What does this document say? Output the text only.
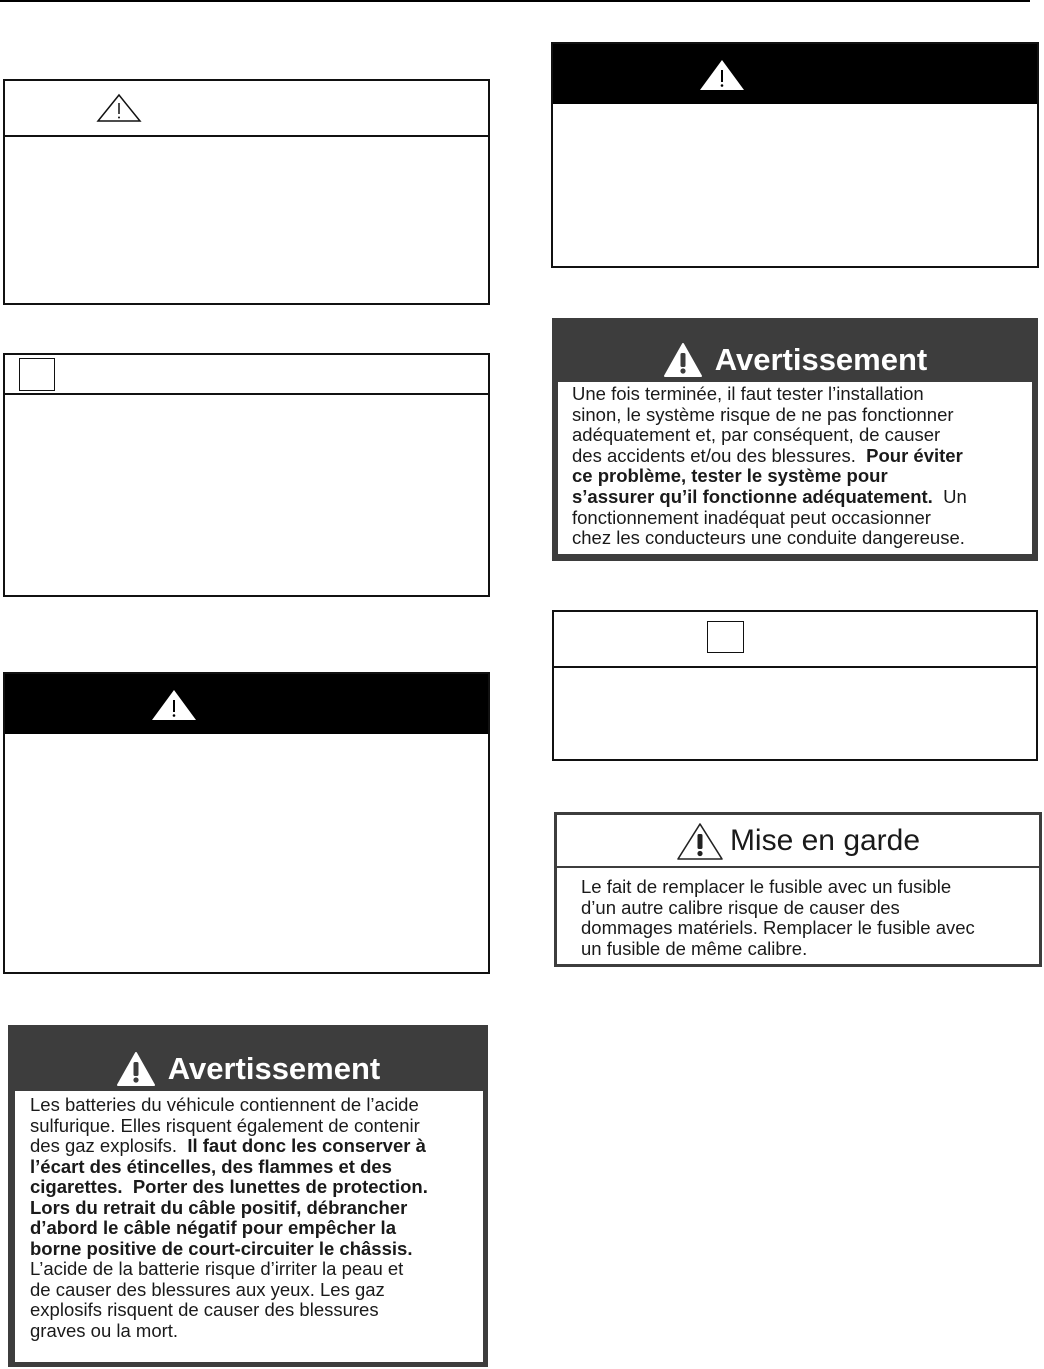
Avertissement

Les batteries du véhicule contiennent de l’acide

sulfurique. Elles risquent également de contenir

des gaz explosifs.  Il faut donc les conserver à

l’écart des étincelles, des flammes et des

cigarettes.  Porter des lunettes de protection.

Lors du retrait du câble positif, débrancher

d’abord le câble négatif pour empêcher la

borne positive de court-circuiter le châssis.

L’acide de la batterie risque d’irriter la peau et

de causer des blessures aux yeux. Les gaz

explosifs risquent de causer des blessures

graves ou la mort.

Avertissement

Une fois terminée, il faut tester l’installation

sinon, le système risque de ne pas fonctionner

adéquatement et, par conséquent, de causer

des accidents et/ou des blessures.  Pour éviter

ce problème, tester le système pour

s’assurer qu’il fonctionne adéquatement.  Un

fonctionnement inadéquat peut occasionner

chez les conducteurs une conduite dangereuse.

Mise en garde
Le fait de remplacer le fusible avec un fusible
d’un autre calibre risque de causer des
dommages matériels. Remplacer le fusible avec
un fusible de même calibre.
